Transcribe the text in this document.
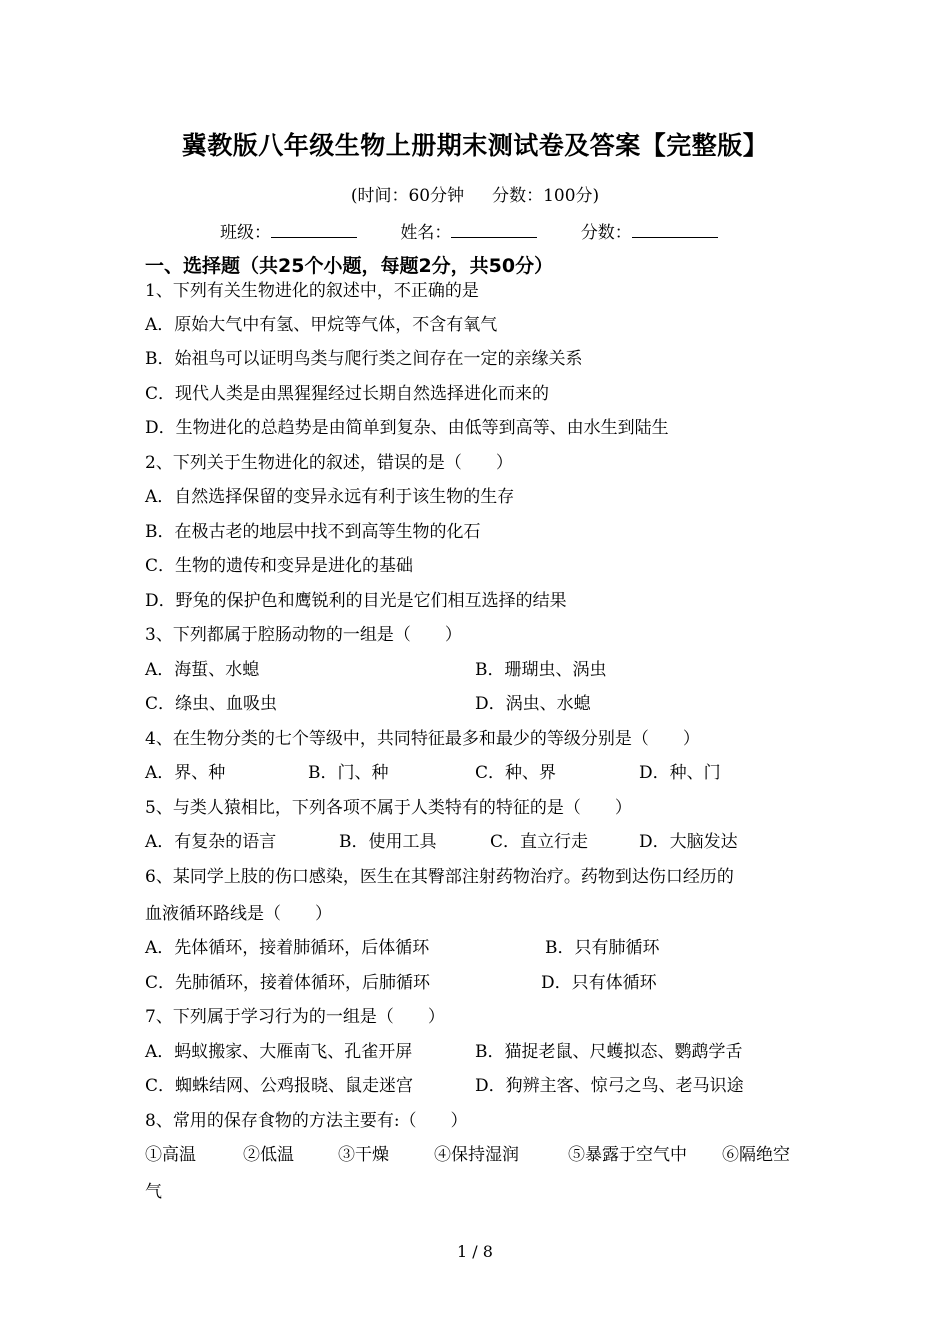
冀教版八年级生物上册期末测试卷及答案【完整版】
(时间：60分钟 分数：100分)
班级：	姓名：	分数：
一、选择题（共25个小题，每题2分，共50分）
1、下列有关生物进化的叙述中，不正确的是
A．原始大气中有氢、甲烷等气体，不含有氧气
B．始祖鸟可以证明鸟类与爬行类之间存在一定的亲缘关系
C．现代人类是由黑猩猩经过长期自然选择进化而来的
D．生物进化的总趋势是由简单到复杂、由低等到高等、由水生到陆生
2、下列关于生物进化的叙述，错误的是（　　）
A．自然选择保留的变异永远有利于该生物的生存
B．在极古老的地层中找不到高等生物的化石
C．生物的遗传和变异是进化的基础
D．野兔的保护色和鹰锐利的目光是它们相互选择的结果
3、下列都属于腔肠动物的一组是（　　）
A．海蜇、水螅	B．珊瑚虫、涡虫
C．绦虫、血吸虫	D．涡虫、水螅
4、在生物分类的七个等级中，共同特征最多和最少的等级分别是（　　）
A．界、种	B．门、种	C．种、界	D．种、门
5、与类人猿相比，下列各项不属于人类特有的特征的是（　　）
A．有复杂的语言	B．使用工具	C．直立行走	D．大脑发达
6、某同学上肢的伤口感染，医生在其臀部注射药物治疗。药物到达伤口经历的
血液循环路线是（　　）
A．先体循环，接着肺循环，后体循环	B．只有肺循环
C．先肺循环，接着体循环，后肺循环	D．只有体循环
7、下列属于学习行为的一组是（　　）
A．蚂蚁搬家、大雁南飞、孔雀开屏	B．猫捉老鼠、尺蠖拟态、鹦鹉学舌
C．蜘蛛结网、公鸡报晓、鼠走迷宫	D．狗辨主客、惊弓之鸟、老马识途
8、常用的保存食物的方法主要有:（　　）
①高温	②低温	③干燥	④保持湿润	⑤暴露于空气中 ⑥隔绝空
气
1 / 8
